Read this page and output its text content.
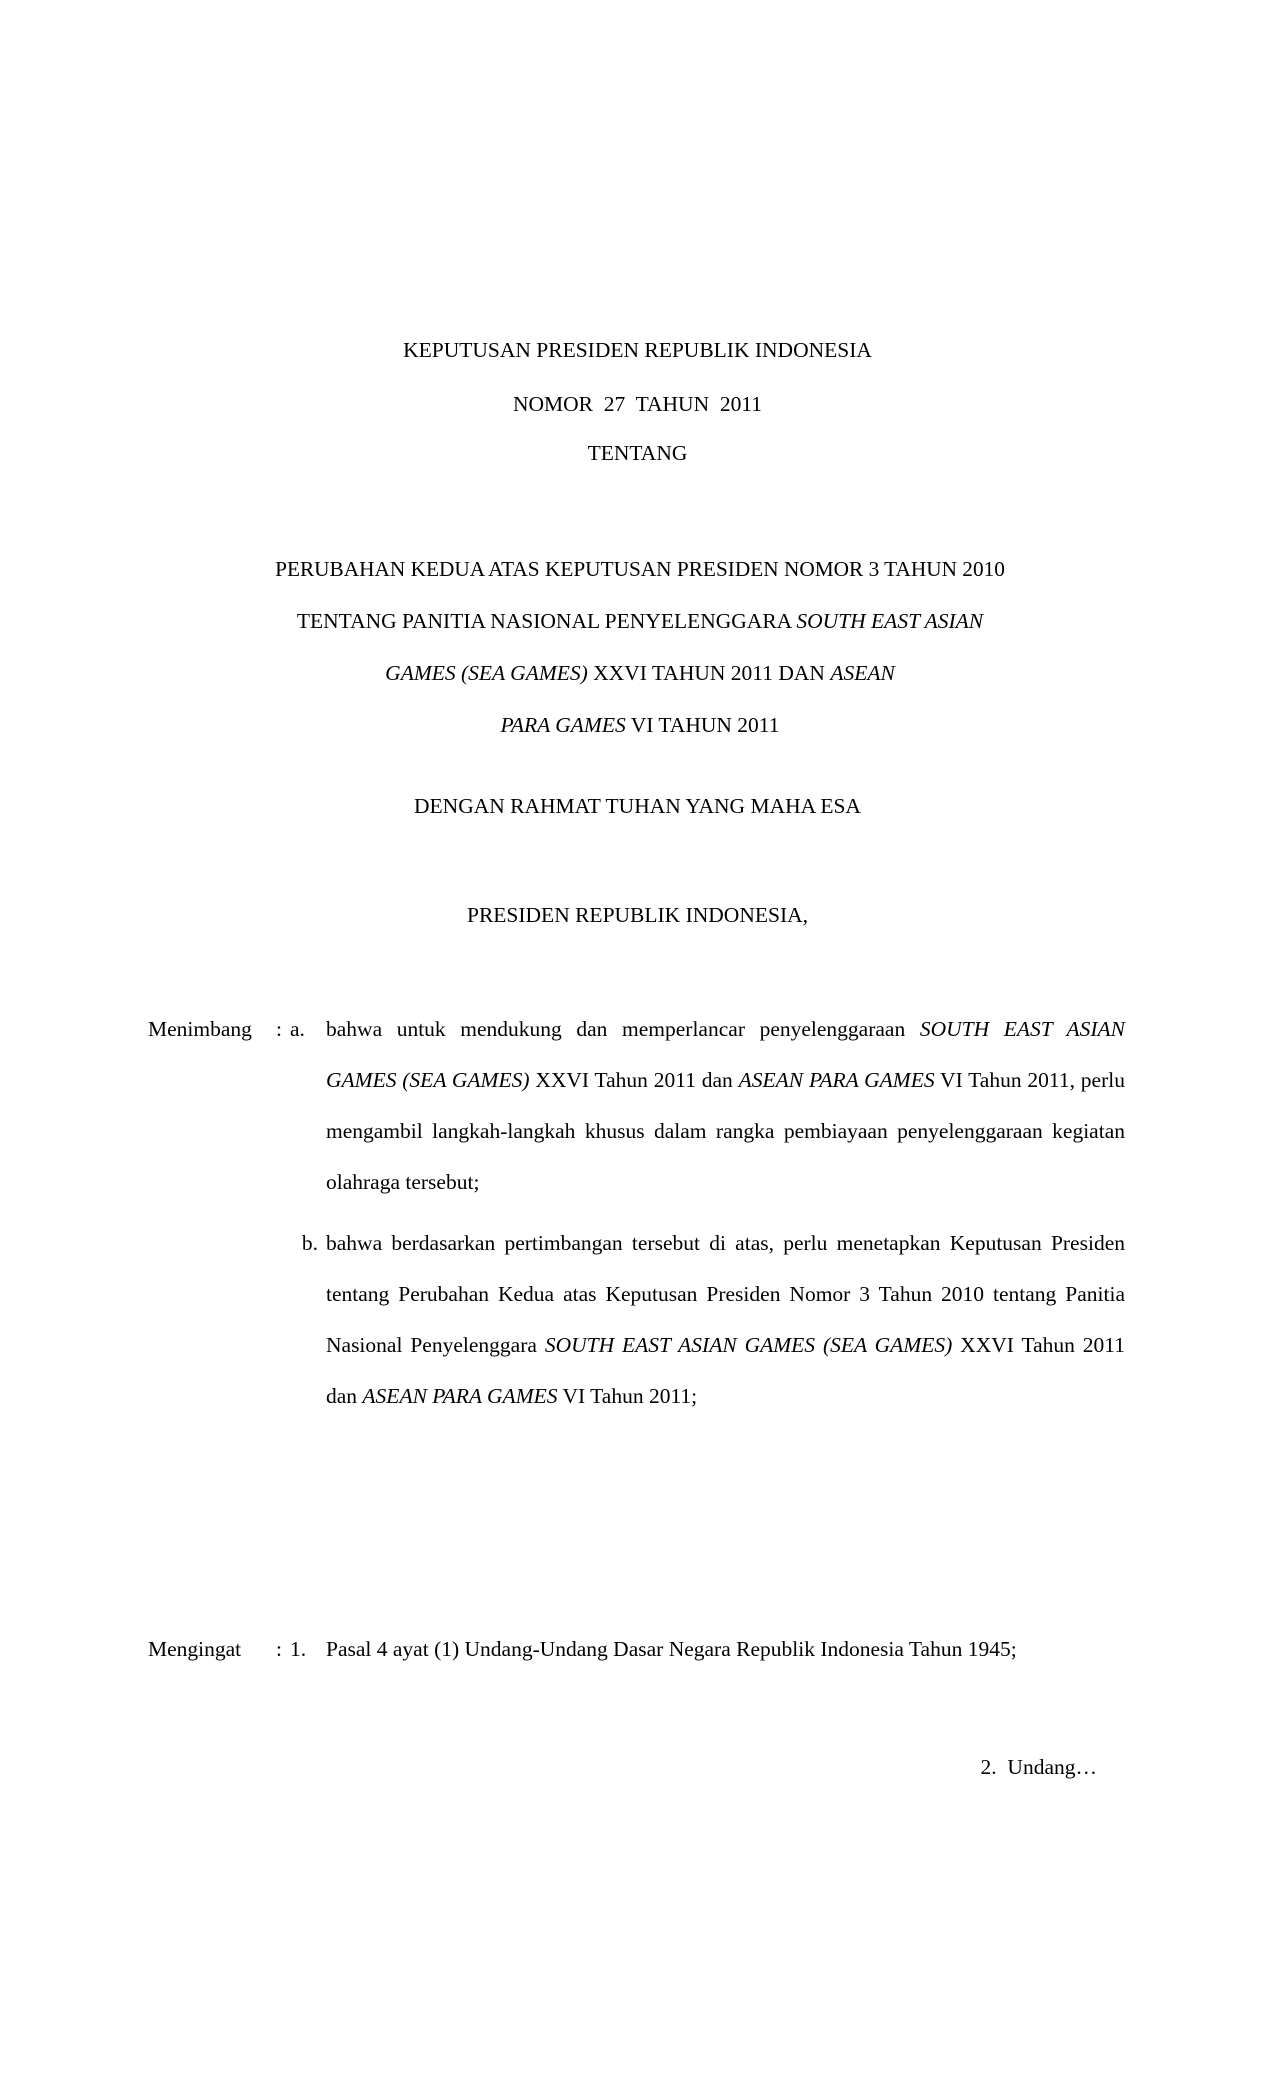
KEPUTUSAN PRESIDEN REPUBLIK INDONESIA
NOMOR  27  TAHUN  2011
TENTANG
PERUBAHAN KEDUA ATAS KEPUTUSAN PRESIDEN NOMOR 3 TAHUN 2010
TENTANG PANITIA NASIONAL PENYELENGGARA SOUTH EAST ASIAN
GAMES (SEA GAMES) XXVI TAHUN 2011 DAN ASEAN
PARA GAMES VI TAHUN 2011
DENGAN RAHMAT TUHAN YANG MAHA ESA
PRESIDEN REPUBLIK INDONESIA,
Menimbang	: a. bahwa untuk mendukung dan memperlancar penyelenggaraan SOUTH EAST ASIAN GAMES (SEA GAMES) XXVI Tahun 2011 dan ASEAN PARA GAMES VI Tahun 2011, perlu mengambil langkah-langkah khusus dalam rangka pembiayaan penyelenggaraan kegiatan olahraga tersebut;
b. bahwa berdasarkan pertimbangan tersebut di atas, perlu menetapkan Keputusan Presiden tentang Perubahan Kedua atas Keputusan Presiden Nomor 3 Tahun 2010 tentang Panitia Nasional Penyelenggara SOUTH EAST ASIAN GAMES (SEA GAMES) XXVI Tahun 2011 dan ASEAN PARA GAMES VI Tahun 2011;
Mengingat	: 1. Pasal 4 ayat (1) Undang-Undang Dasar Negara Republik Indonesia Tahun 1945;
2.  Undang…
